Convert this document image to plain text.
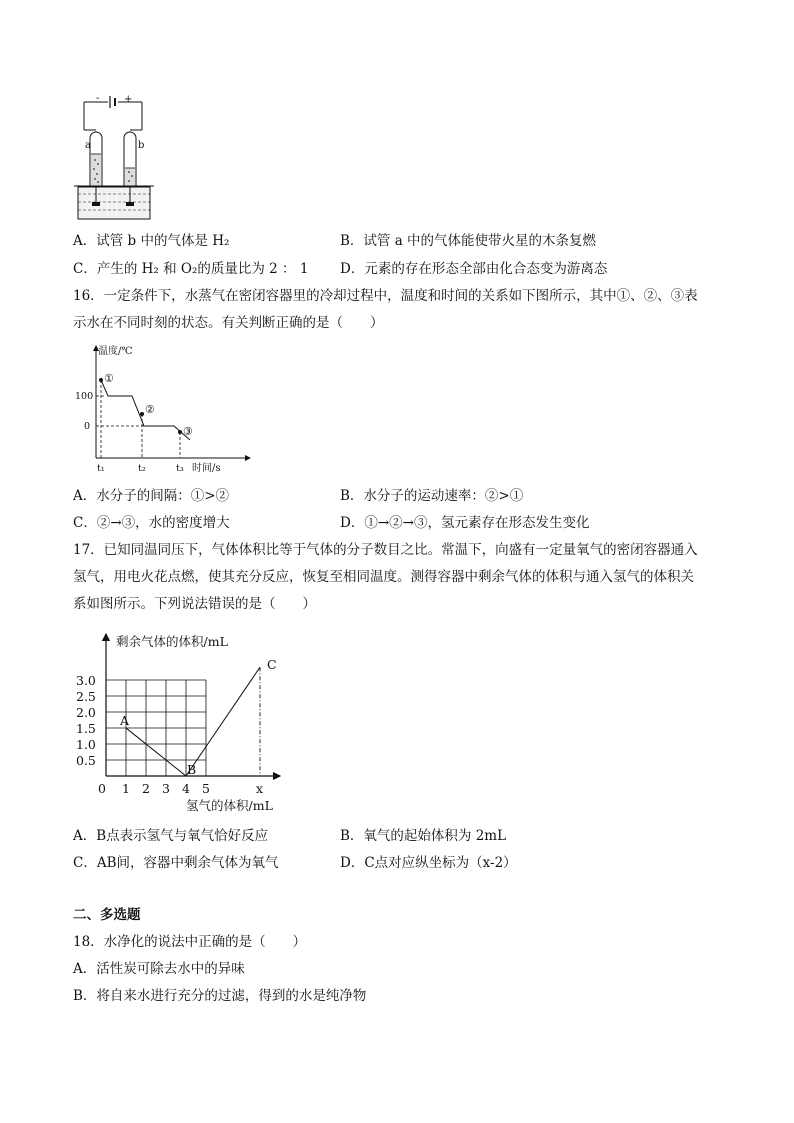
- +
a	b
A．试管 b 中的气体是 H₂	B．试管 a 中的气体能使带火星的木条复燃
C．产生的 H₂ 和 O₂的质量比为 2 ： 1 D．元素的存在形态全部由化合态变为游离态
16．一定条件下，水蒸气在密闭容器里的冷却过程中，温度和时间的关系如下图所示，其中①、②、③表
示水在不同时刻的状态。有关判断正确的是（　　）
温度/℃
时间/s
100
0
t₁	t₂	t₃
①
②
③
A．水分子的间隔：①>②	B．水分子的运动速率：②>①
C．②→③，水的密度增大	D．①→②→③，氢元素存在形态发生变化
17．已知同温同压下，气体体积比等于气体的分子数目之比。常温下，向盛有一定量氧气的密闭容器通入
氢气，用电火花点燃，使其充分反应，恢复至相同温度。测得容器中剩余气体的体积与通入氢气的体积关
系如图所示。下列说法错误的是（　　）
剩余气体的体积/mL
氢气的体积/mL
3.0
2.5
2.0
1.5
1.0
0.5
0 1 2 3 4 5
A
B
C
x
A．B点表示氢气与氧气恰好反应	B．氧气的起始体积为 2mL
C．AB间，容器中剩余气体为氧气	D．C点对应纵坐标为（x-2）
二、多选题
18．水净化的说法中正确的是（　　）
A．活性炭可除去水中的异味
B．将自来水进行充分的过滤，得到的水是纯净物
